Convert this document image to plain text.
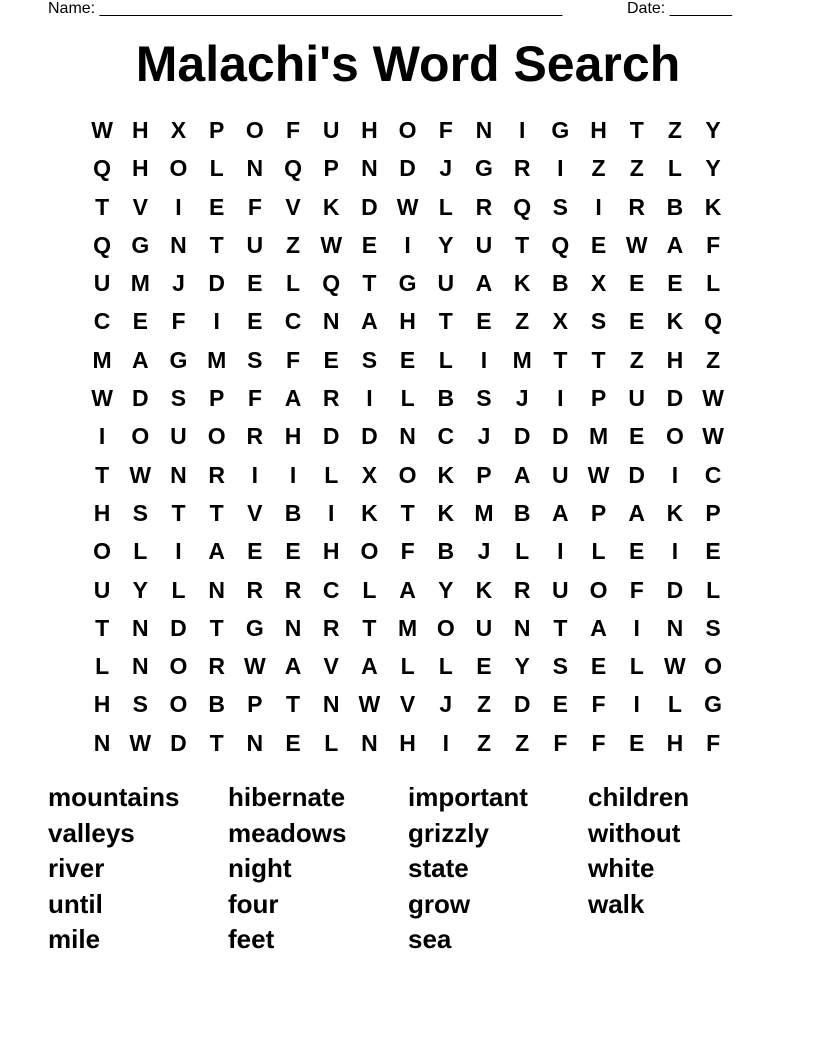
Name: ____________________________________________________	Date: _______
Malachi's Word Search
W H X P O F U H O F N	I	G H T	Z	Y
Q H O L N Q P N D	J G R	I	Z	Z	L	Y
T	V	I	E	F	V K D W L R Q S	I	R B K
Q G N T U Z W E	I	Y U T Q E W A F
U M J	D E	L Q T G U A K B X E E	L
C E	F	I	E C N A H T	E	Z	X S E K Q
M A G M S	F	E S E	L	I	M T	T	Z H Z
W D S P	F A R	I	L B S	J	I	P U D W
I	O U O R H D D N C	J	D D M E O W
T W N R	I	I	L	X O K P A U W D	I	C
H S	T	T	V B	I	K T K M B A P A K P
O L	I	A E E H O F B	J	L	I	L	E	I	E
U Y	L N R R C L A Y K R U O F D L
T N D T G N R T M O U N T A	I	N S
L N O R W A V A L	L	E Y S E	L W O
H S O B P	T N W V	J	Z D E	F	I	L G
N W D T N E	L N H	I	Z	Z	F	F	E H F
mountains
valleys
river
until
mile
hibernate
meadows
night
four
feet
important
grizzly
state
grow
sea
children
without
white
walk
